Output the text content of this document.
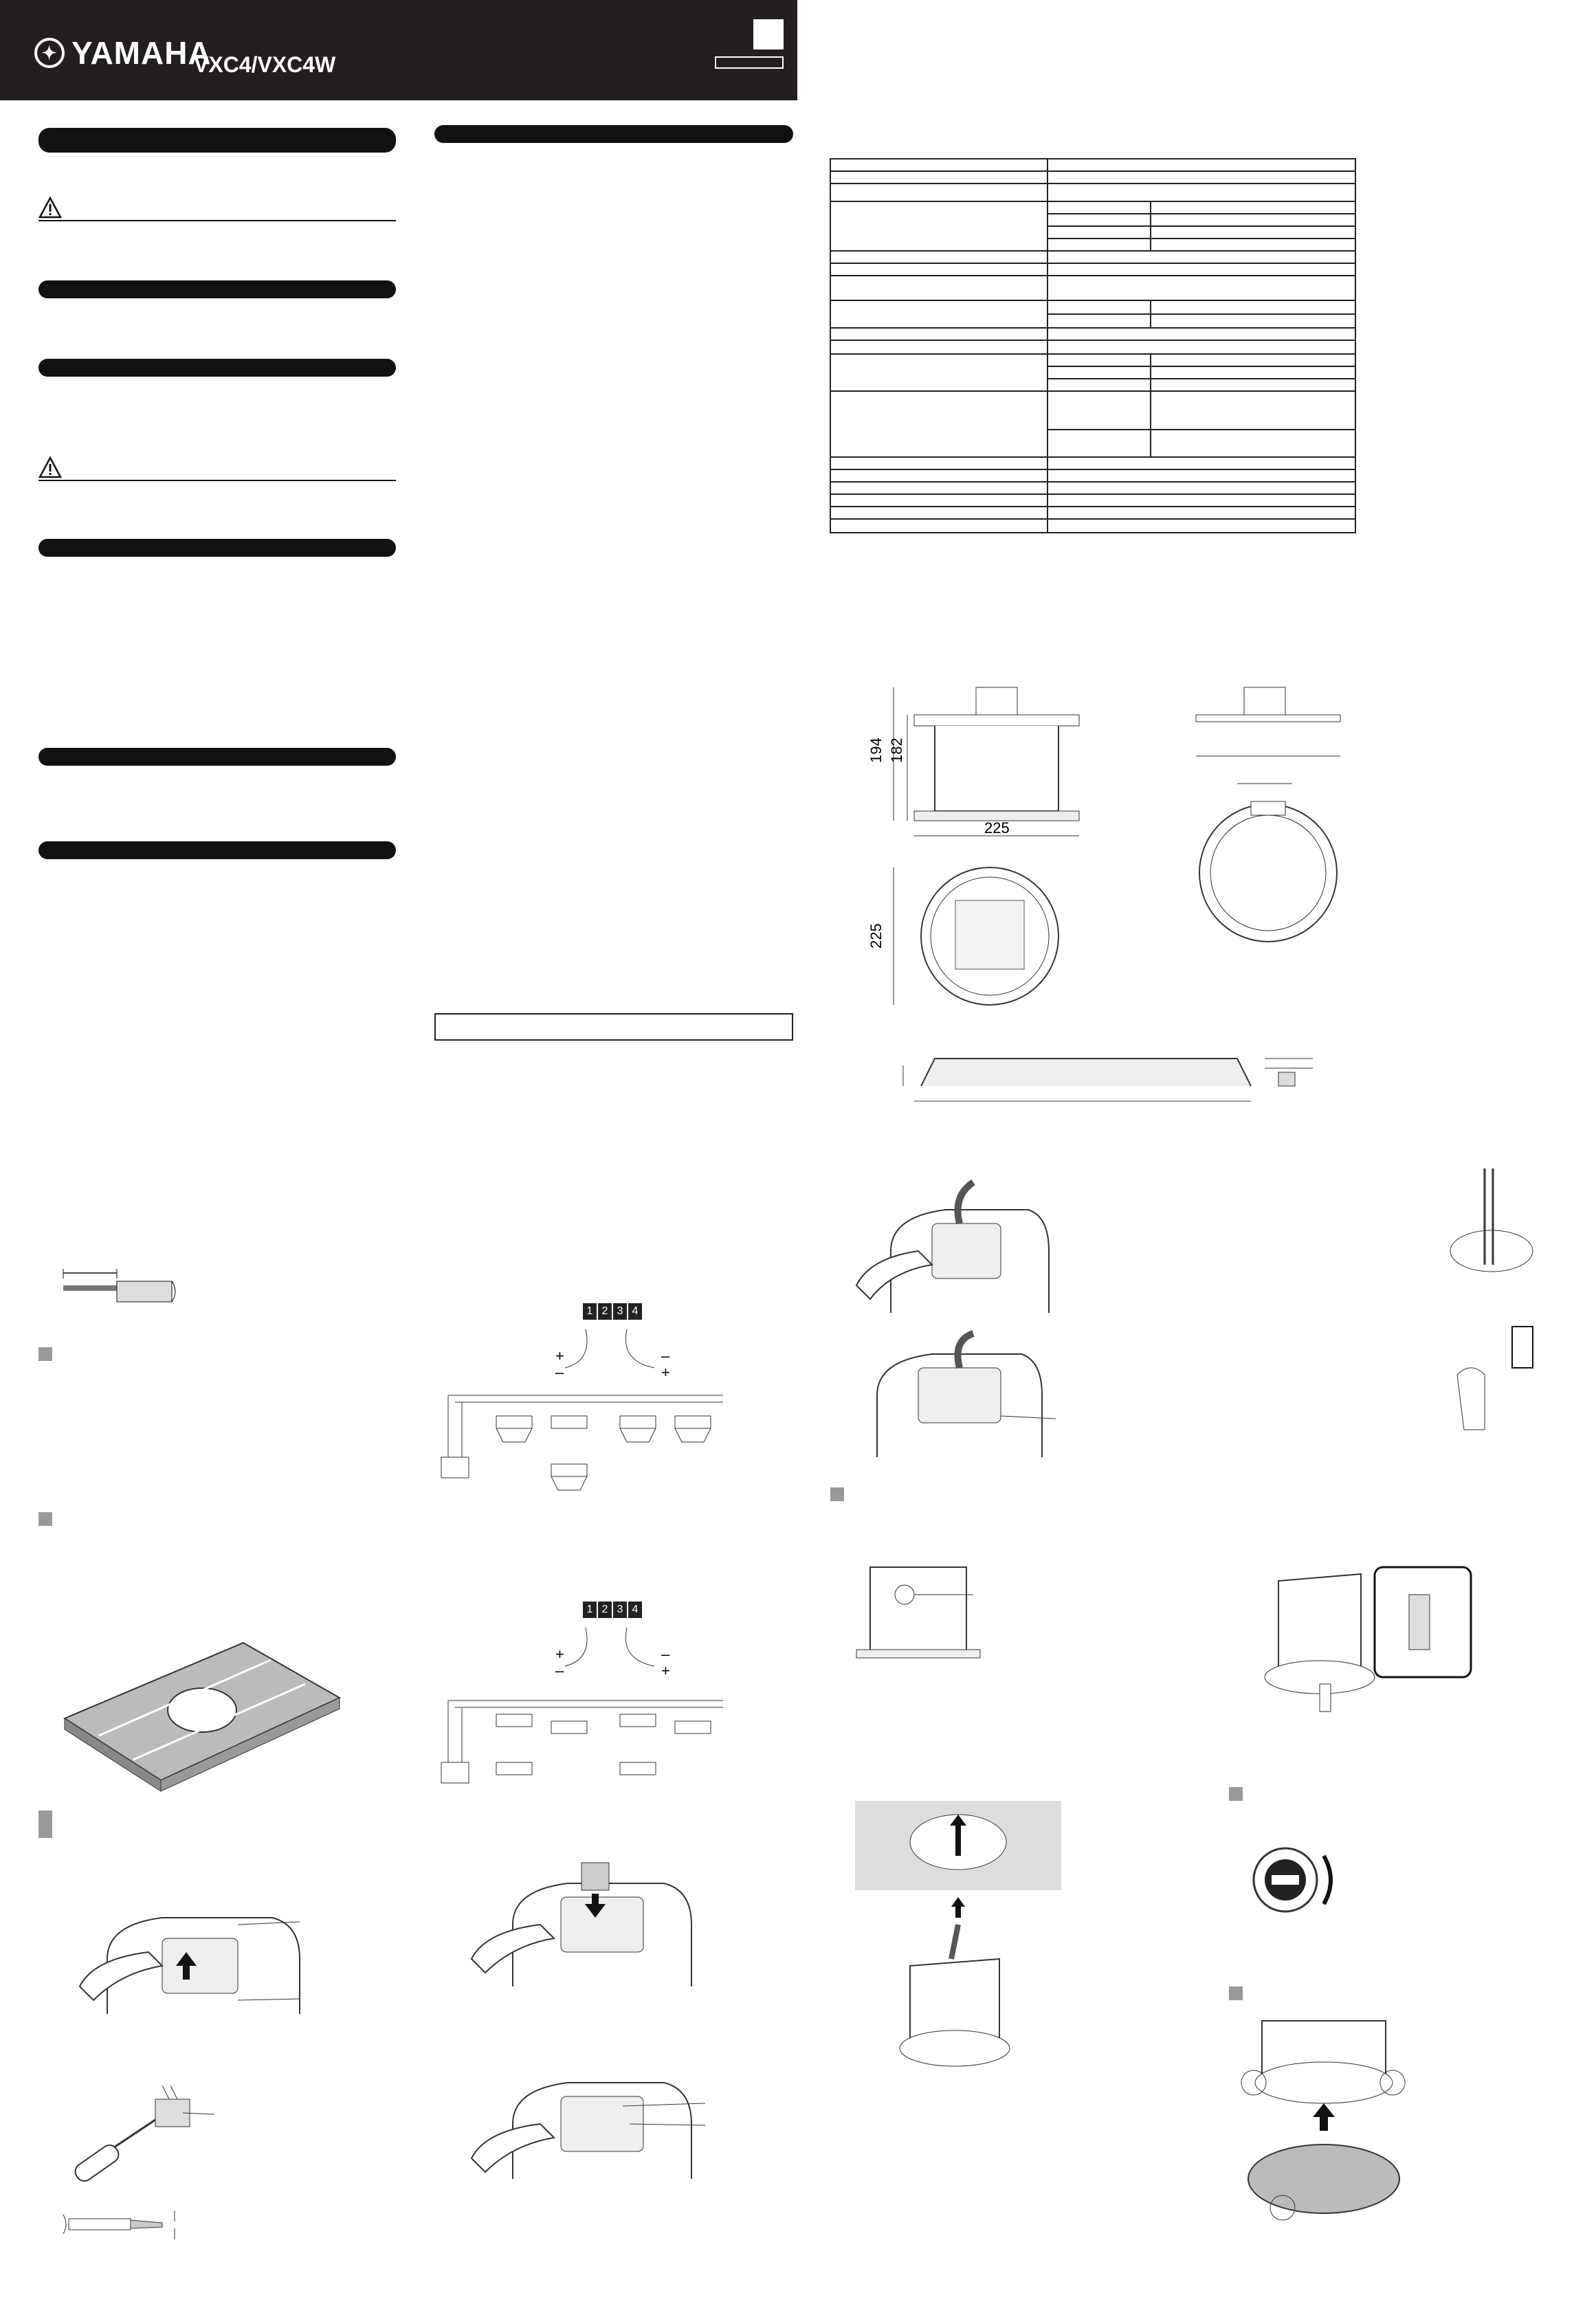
✦ YAMAHA
VXC4/VXC4W
1 2 3 4
+	–
–	+
1 2 3 4
+	–
–	+

194 182
225
225
